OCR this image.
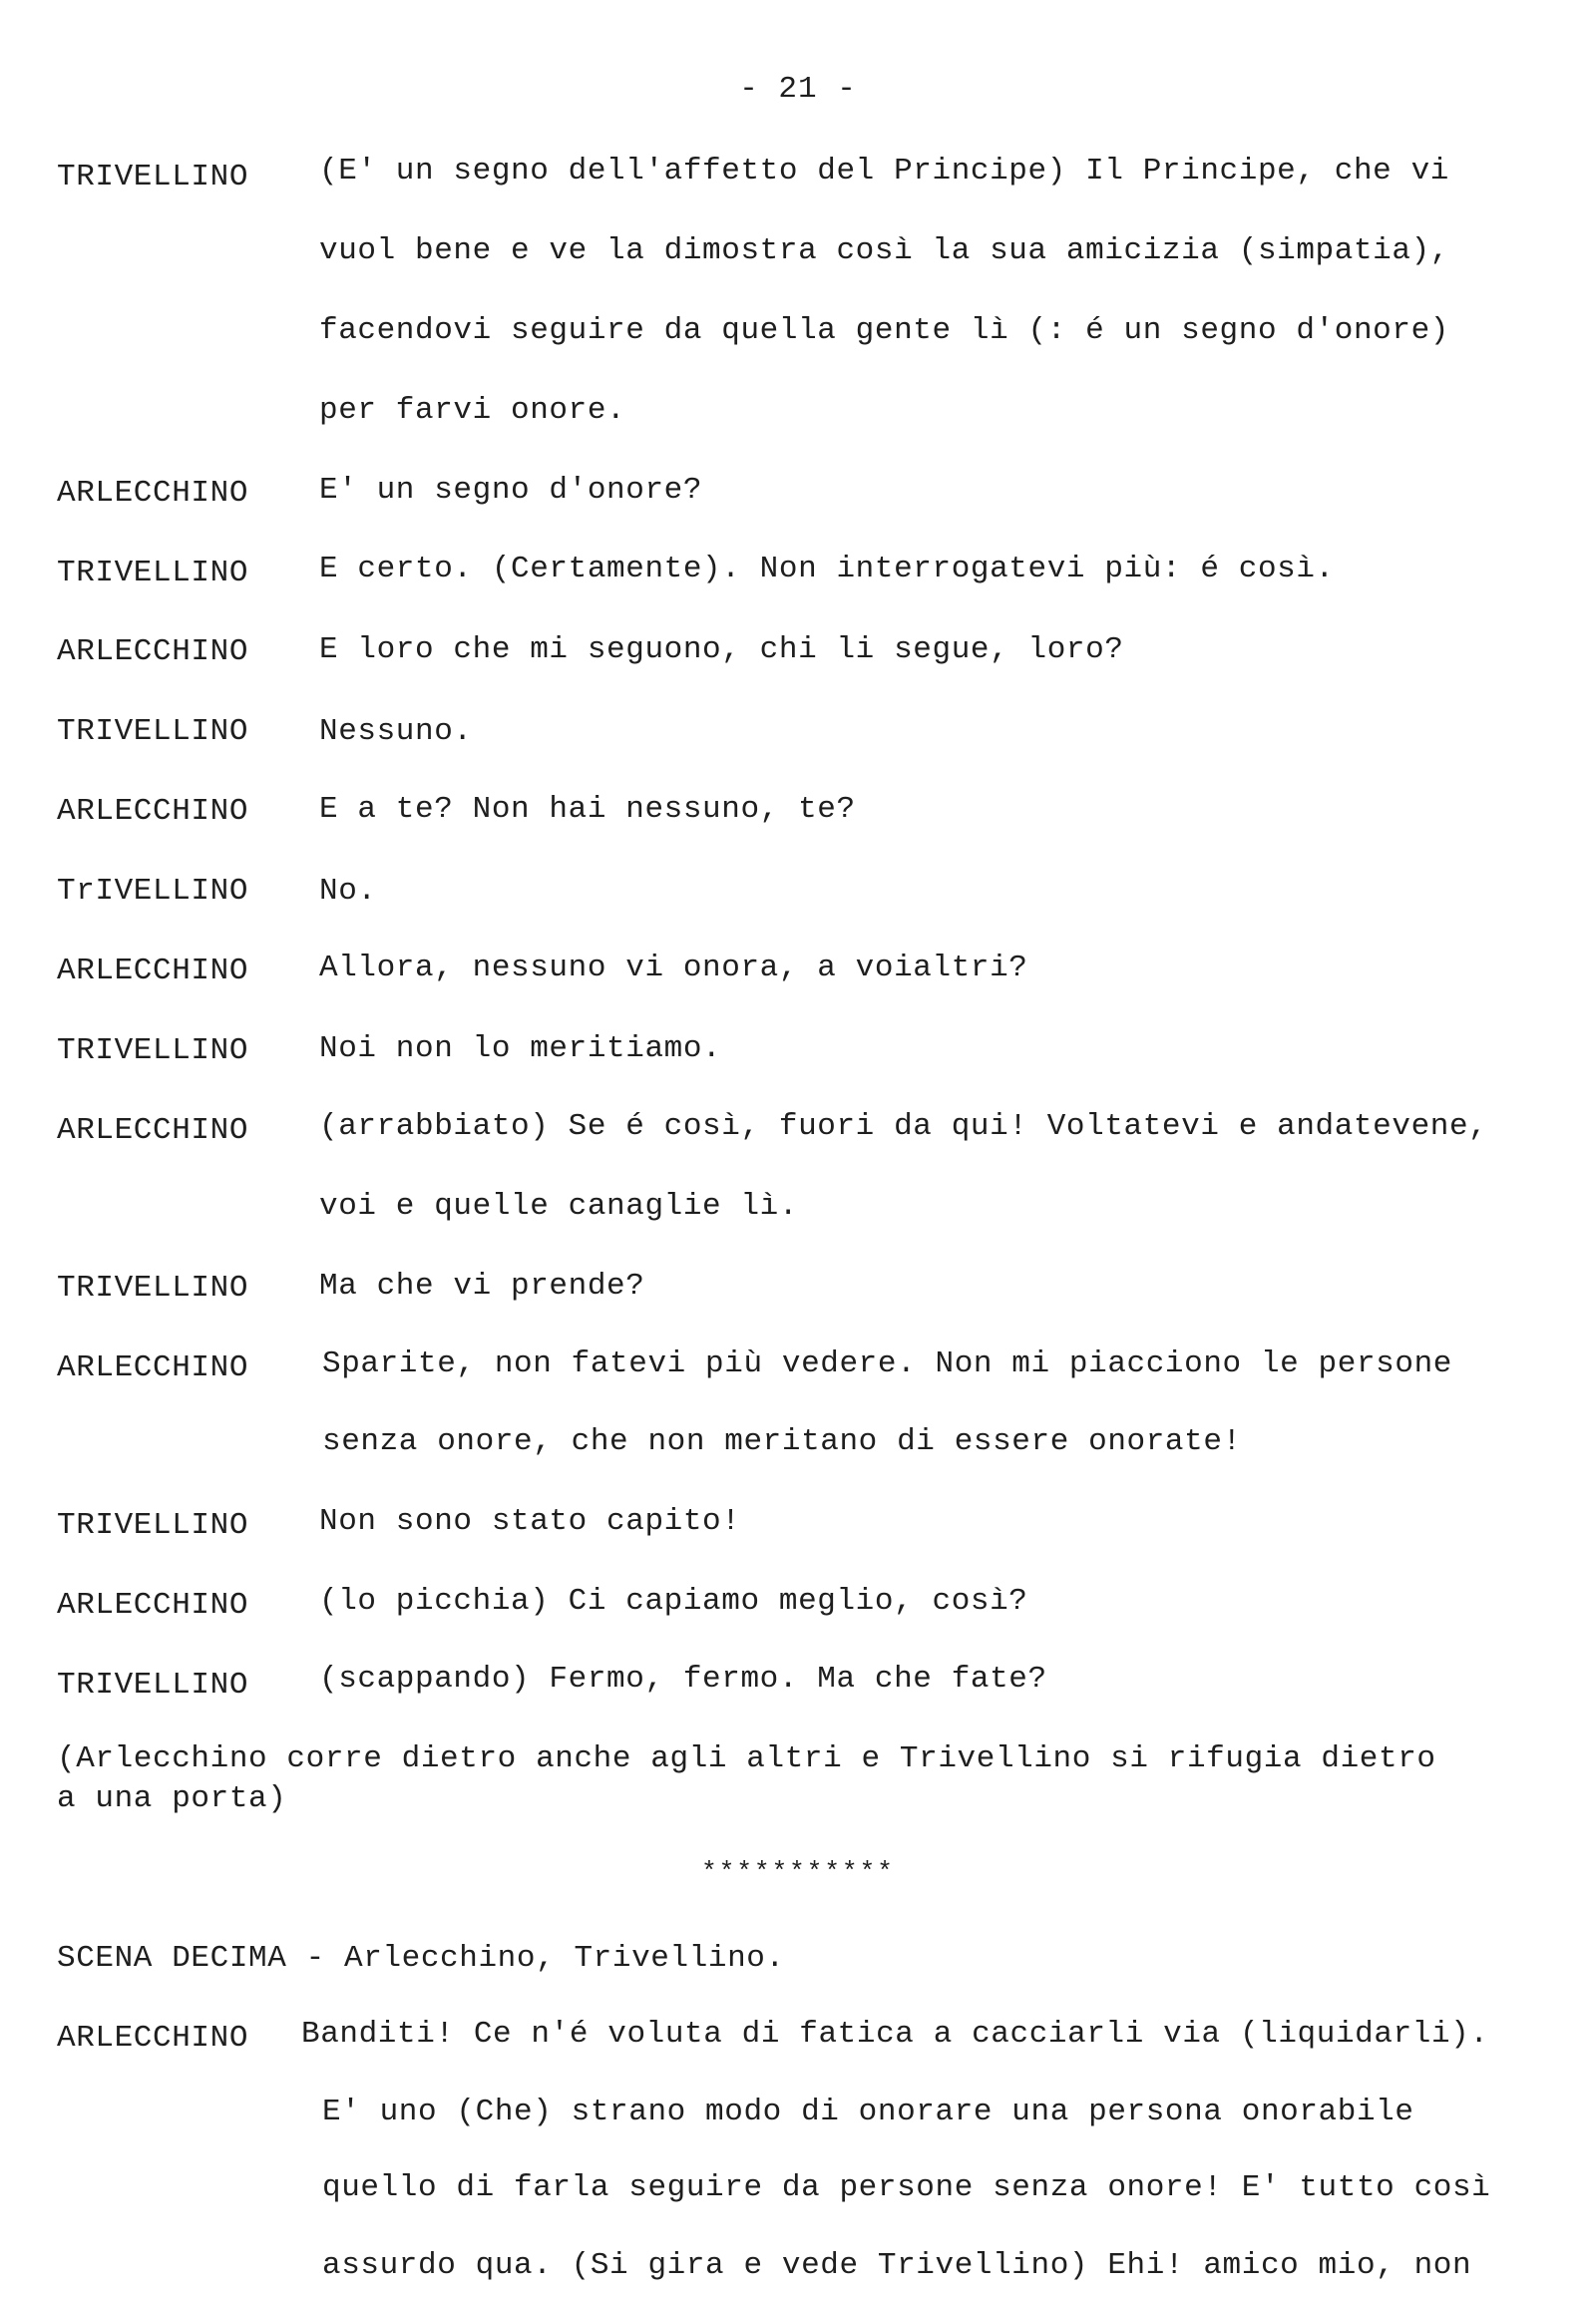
- 21 -
TRIVELLINO (E' un segno dell'affetto del Principe) Il Principe, che vi
vuol bene e ve la dimostra così la sua amicizia (simpatia),
facendovi seguire da quella gente lì (: é un segno d'onore)
per farvi onore.
ARLECCHINO E' un segno d'onore?
TRIVELLINO E certo. (Certamente). Non interrogatevi più: é così.
ARLECCHINO E loro che mi seguono, chi li segue, loro?
TRIVELLINO Nessuno.
ARLECCHINO E a te? Non hai nessuno, te?
TrIVELLINO No.
ARLECCHINO Allora, nessuno vi onora, a voialtri?
TRIVELLINO Noi non lo meritiamo.
ARLECCHINO (arrabbiato) Se é così, fuori da qui! Voltatevi e andatevene,
voi e quelle canaglie lì.
TRIVELLINO Ma che vi prende?
ARLECCHINO Sparite, non fatevi più vedere. Non mi piacciono le persone
senza onore, che non meritano di essere onorate!
TRIVELLINO Non sono stato capito!
ARLECCHINO (lo picchia) Ci capiamo meglio, così?
TRIVELLINO (scappando) Fermo, fermo. Ma che fate?
(Arlecchino corre dietro anche agli altri e Trivellino si rifugia dietro
a una porta)
***********
SCENA DECIMA - Arlecchino, Trivellino.
ARLECCHINO Banditi! Ce n'é voluta di fatica a cacciarli via (liquidarli).
E' uno (Che) strano modo di onorare una persona onorabile
quello di farla seguire da persone senza onore! E' tutto così
assurdo qua. (Si gira e vede Trivellino) Ehi! amico mio, non
